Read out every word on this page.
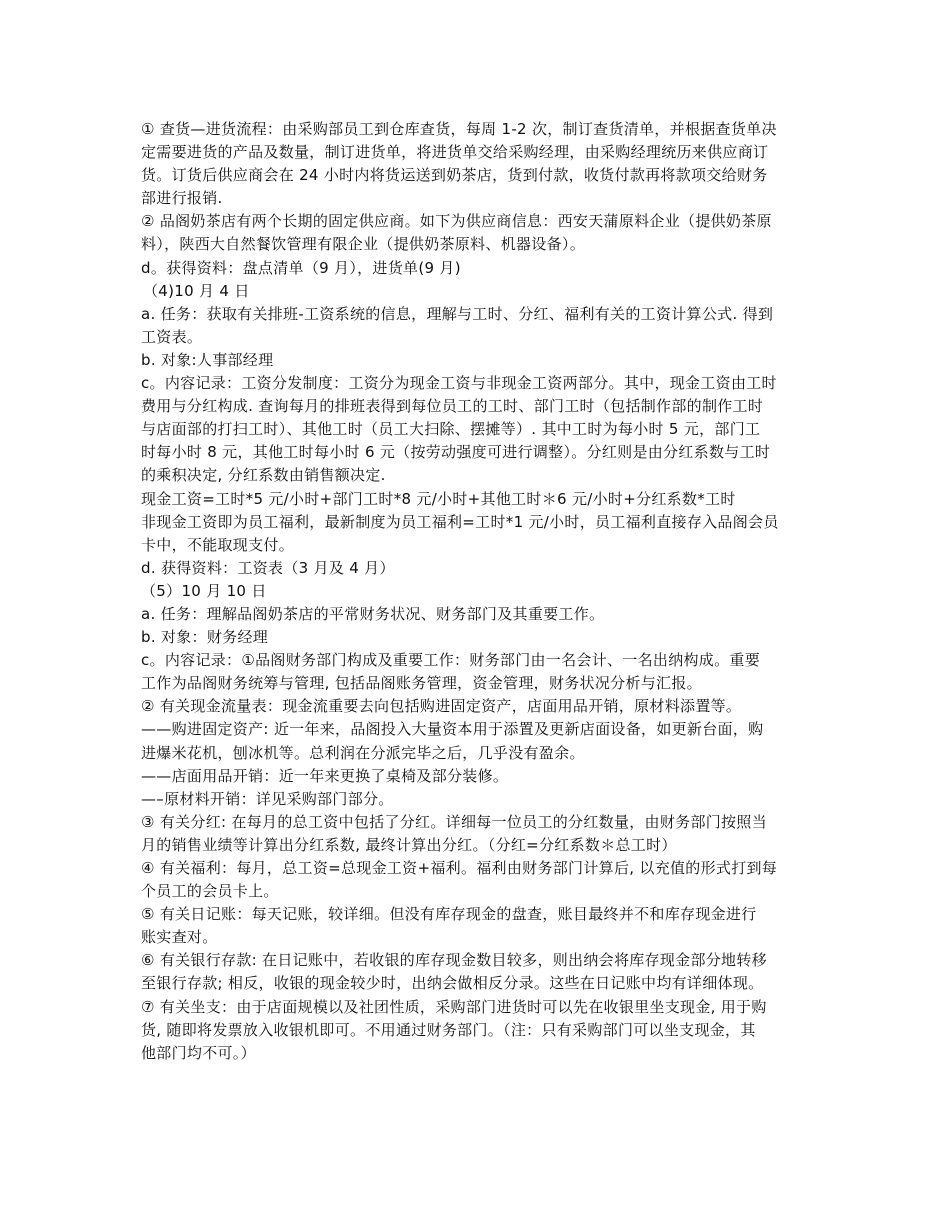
① 查货—进货流程：由采购部员工到仓库查货，每周 1-2 次，制订查货清单，并根据查货单决
定需要进货的产品及数量，制订进货单，将进货单交给采购经理，由采购经理统历来供应商订
货。订货后供应商会在 24 小时内将货运送到奶茶店，货到付款，收货付款再将款项交给财务
部进行报销.
② 品阁奶茶店有两个长期的固定供应商。如下为供应商信息：西安天蒲原料企业（提供奶茶原
料），陕西大自然餐饮管理有限企业（提供奶茶原料、机器设备）。
d。获得资料：盘点清单（9 月），进货单(9 月)
（4)10 月 4 日
a. 任务：获取有关排班-工资系统的信息，理解与工时、分红、福利有关的工资计算公式. 得到
工资表。
b. 对象:人事部经理
c。内容记录：工资分发制度：工资分为现金工资与非现金工资两部分。其中，现金工资由工时
费用与分红构成. 查询每月的排班表得到每位员工的工时、部门工时（包括制作部的制作工时
与店面部的打扫工时）、其他工时（员工大扫除、摆摊等）. 其中工时为每小时 5 元，部门工
时每小时 8 元，其他工时每小时 6 元（按劳动强度可进行调整）。分红则是由分红系数与工时
的乘积决定, 分红系数由销售额决定.
现金工资=工时*5 元/小时+部门工时*8 元/小时+其他工时＊6 元/小时+分红系数*工时
非现金工资即为员工福利，最新制度为员工福利=工时*1 元/小时，员工福利直接存入品阁会员
卡中，不能取现支付。
d. 获得资料：工资表（3 月及 4 月）
（5）10 月 10 日
a. 任务：理解品阁奶茶店的平常财务状况、财务部门及其重要工作。
b. 对象：财务经理
c。内容记录：①品阁财务部门构成及重要工作：财务部门由一名会计、一名出纳构成。重要
工作为品阁财务统筹与管理, 包括品阁账务管理，资金管理，财务状况分析与汇报。
② 有关现金流量表：现金流重要去向包括购进固定资产，店面用品开销，原材料添置等。
——购进固定资产: 近一年来，品阁投入大量资本用于添置及更新店面设备，如更新台面，购
进爆米花机，刨冰机等。总利润在分派完毕之后，几乎没有盈余。
——店面用品开销：近一年来更换了桌椅及部分装修。
—–原材料开销：详见采购部门部分。
③ 有关分红: 在每月的总工资中包括了分红。详细每一位员工的分红数量，由财务部门按照当
月的销售业绩等计算出分红系数, 最终计算出分红。（分红=分红系数＊总工时）
④ 有关福利：每月，总工资=总现金工资+福利。福利由财务部门计算后, 以充值的形式打到每
个员工的会员卡上。
⑤ 有关日记账：每天记账，较详细。但没有库存现金的盘查，账目最终并不和库存现金进行
账实查对。
⑥ 有关银行存款: 在日记账中，若收银的库存现金数目较多，则出纳会将库存现金部分地转移
至银行存款; 相反，收银的现金较少时，出纳会做相反分录。这些在日记账中均有详细体现。
⑦ 有关坐支：由于店面规模以及社团性质，采购部门进货时可以先在收银里坐支现金, 用于购
货, 随即将发票放入收银机即可。不用通过财务部门。（注：只有采购部门可以坐支现金，其
他部门均不可。）
